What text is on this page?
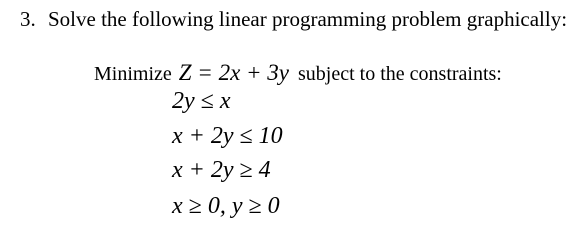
3. Solve the following linear programming problem graphically:
Minimize Z = 2x + 3y subject to the constraints:
2y ≤ x
x + 2y ≤ 10
x + 2y ≥ 4
x ≥ 0, y ≥ 0
